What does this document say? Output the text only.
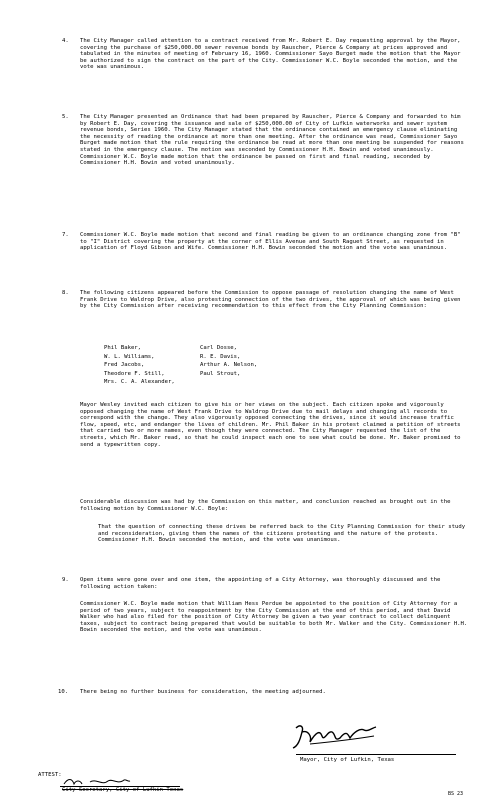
4. The City Manager called attention to a contract received from Mr. Robert E. Day requesting approval by the Mayor, covering the purchase of $250,000.00 sewer revenue bonds by Rauscher, Pierce & Company at prices approved and tabulated in the minutes of meeting of February 16, 1960. Commissioner Sayo Burget made the motion that the Mayor be authorized to sign the contract on the part of the City. Commissioner W.C. Boyle seconded the motion, and the vote was unanimous.
5. The City Manager presented an Ordinance that had been prepared by Rauscher, Pierce & Company and forwarded to him by Robert E. Day, covering the issuance and sale of $250,000.00 of City of Lufkin waterworks and sewer system revenue bonds, Series 1960. The City Manager stated that the ordinance contained an emergency clause eliminating the necessity of reading the ordinance at more than one meeting. After the ordinance was read, Commissioner Sayo Burget made motion that the rule requiring the ordinance be read at more than one meeting be suspended for reasons stated in the emergency clause. The motion was seconded by Commissioner H.H. Bowin and voted unanimously. Commissioner W.C. Boyle made motion that the ordinance be passed on first and final reading, seconded by Commissioner H.H. Bowin and voted unanimously.
7. Commissioner W.C. Boyle made motion that second and final reading be given to an ordinance changing zone from "B" to "I" District covering the property at the corner of Ellis Avenue and South Raguet Street, as requested in application of Floyd Gibson and Wife. Commissioner H.H. Bowin seconded the motion and the vote was unanimous.
8. The following citizens appeared before the Commission to oppose passage of resolution changing the name of West Frank Drive to Waldrop Drive, also protesting connection of the two drives, the approval of which was being given by the City Commission after receiving recommendation to this effect from the City Planning Commission:
Phil Baker,	Carl Dosse,
W. L. Williams,	R. E. Davis,
Fred Jacobs,	Arthur A. Nelson,
Theodore F. Still,	Paul Strout,
Mrs. C. A. Alexander,
Mayor Wesley invited each citizen to give his or her views on the subject. Each citizen spoke and vigorously opposed changing the name of West Frank Drive to Waldrop Drive due to mail delays and changing all records to correspond with the change. They also vigorously opposed connecting the drives, since it would increase traffic flow, speed, etc, and endanger the lives of children. Mr. Phil Baker in his protest claimed a petition of streets that carried two or more names, even though they were connected. The City Manager requested the list of the streets, which Mr. Baker read, so that he could inspect each one to see what could be done. Mr. Baker promised to send a typewritten copy.
Considerable discussion was had by the Commission on this matter, and conclusion reached as brought out in the following motion by Commissioner W.C. Boyle:
That the question of connecting these drives be referred back to the City Planning Commission for their study and reconsideration, giving them the names of the citizens protesting and the nature of the protests. Commissioner H.H. Bowin seconded the motion, and the vote was unanimous.
9. Open items were gone over and one item, the appointing of a City Attorney, was thoroughly discussed and the following action taken:
Commissioner W.C. Boyle made motion that William Hess Perdue be appointed to the position of City Attorney for a period of two years, subject to reappointment by the City Commission at the end of this period, and that David Walker who had also filed for the position of City Attorney be given a two year contract to collect delinquent taxes, subject to contract being prepared that would be suitable to both Mr. Walker and the City. Commissioner H.H. Bowin seconded the motion, and the vote was unanimous.
10. There being no further business for consideration, the meeting adjourned.
Mayor, City of Lufkin, Texas
ATTEST:
City Secretary, City of Lufkin Texas
BS 23
